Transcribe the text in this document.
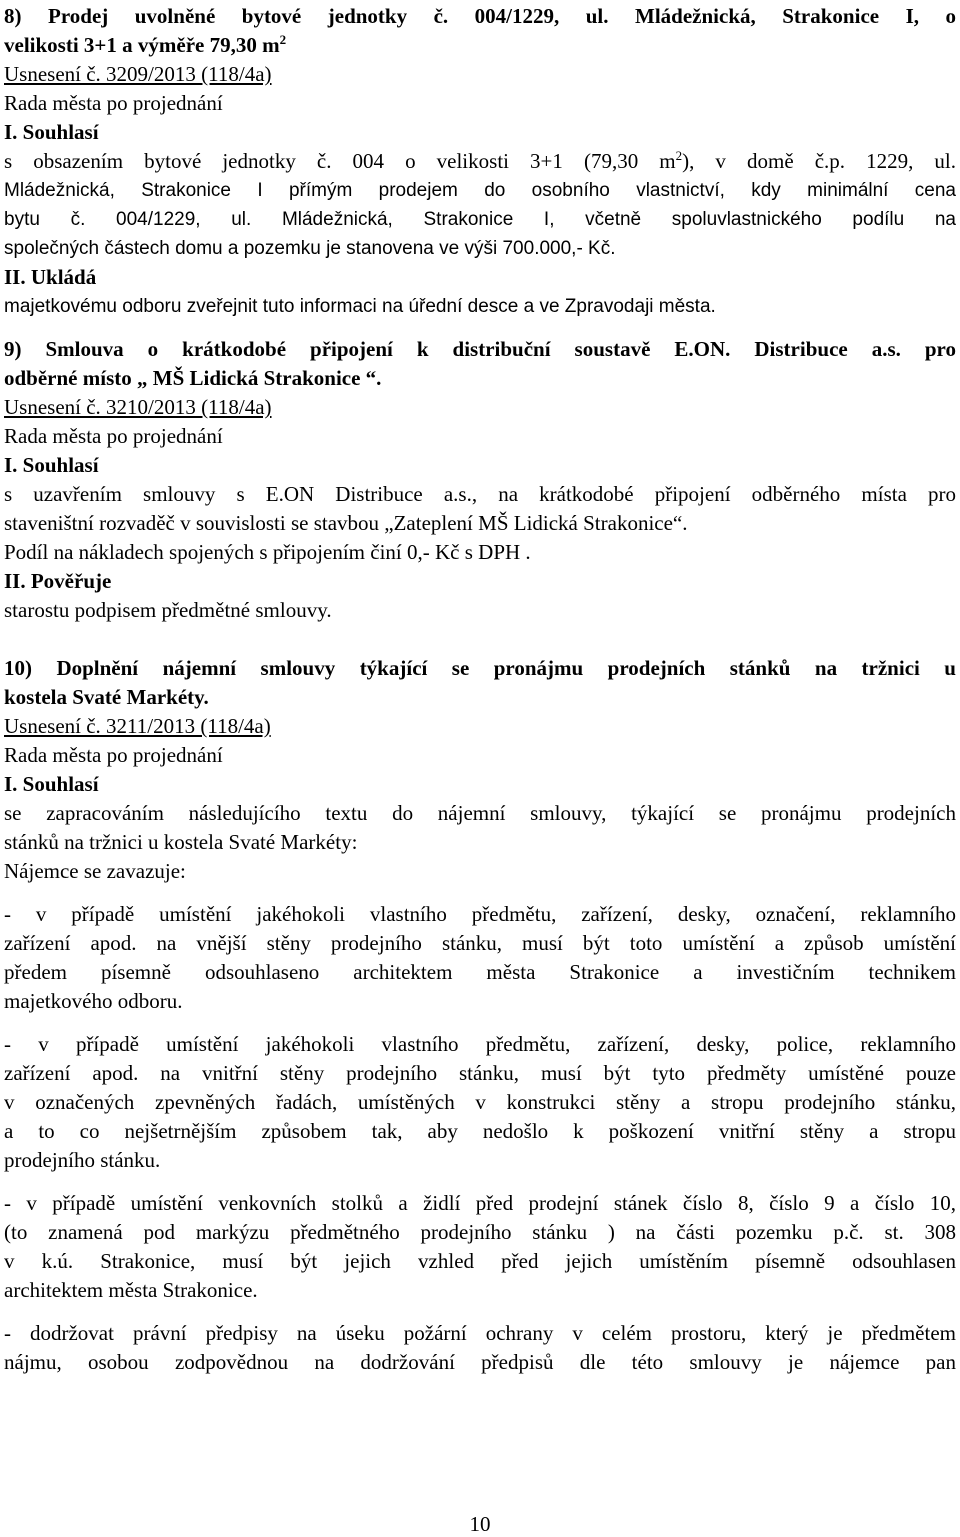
8) Prodej uvolněné bytové jednotky č. 004/1229, ul. Mládežnická, Strakonice I, o
velikosti 3+1 a výměře 79,30 $m^2$
Usnesení č. 3209/2013 (118/4a)
Rada města po projednání
I. Souhlasí
s obsazením bytové jednotky č. 004 o velikosti 3+1 (79,30 $m^2$), v domě č.p. 1229, ul.
Mládežnická, Strakonice I přímým prodejem do osobního vlastnictví, kdy minimální cena
bytu č. 004/1229, ul. Mládežnická, Strakonice I, včetně spoluvlastnického podílu na
společných částech domu a pozemku je stanovena ve výši 700.000,- Kč.
II. Ukládá
majetkovému odboru zveřejnit tuto informaci na úřední desce a ve Zpravodaji města.
9) Smlouva o krátkodobé připojení k distribuční soustavě E.ON. Distribuce a.s. pro
odběrné místo „ MŠ Lidická Strakonice “.
Usnesení č. 3210/2013 (118/4a)
Rada města po projednání
I. Souhlasí
s uzavřením smlouvy s E.ON Distribuce a.s., na krátkodobé připojení odběrného místa pro
staveništní rozvaděč v souvislosti se stavbou „Zateplení MŠ Lidická Strakonice“.
Podíl na nákladech spojených s připojením činí 0,- Kč s DPH .
II. Pověřuje
starostu podpisem předmětné smlouvy.
10) Doplnění nájemní smlouvy týkající se pronájmu prodejních stánků na tržnici u
kostela Svaté Markéty.
Usnesení č. 3211/2013 (118/4a)
Rada města po projednání
I. Souhlasí
se zapracováním následujícího textu do nájemní smlouvy, týkající se pronájmu prodejních
stánků na tržnici u kostela Svaté Markéty:
Nájemce se zavazuje:
- v případě umístění jakéhokoli vlastního předmětu, zařízení, desky, označení, reklamního
zařízení apod. na vnější stěny prodejního stánku, musí být toto umístění a způsob umístění
předem písemně odsouhlaseno architektem města Strakonice a investičním technikem
majetkového odboru.
- v případě umístění jakéhokoli vlastního předmětu, zařízení, desky, police, reklamního
zařízení apod. na vnitřní stěny prodejního stánku, musí být tyto předměty umístěné pouze
v označených zpevněných řadách, umístěných v konstrukci stěny a stropu prodejního stánku,
a to co nejšetrnějším způsobem tak, aby nedošlo k poškození vnitřní stěny a stropu
prodejního stánku.
- v případě umístění venkovních stolků a židlí před prodejní stánek číslo 8, číslo 9 a číslo 10,
(to znamená pod markýzu předmětného prodejního stánku ) na části pozemku p.č. st. 308
v k.ú. Strakonice, musí být jejich vzhled před jejich umístěním písemně odsouhlasen
architektem města Strakonice.
- dodržovat právní předpisy na úseku požární ochrany v celém prostoru, který je předmětem
nájmu, osobou zodpovědnou na dodržování předpisů dle této smlouvy je nájemce pan
10
